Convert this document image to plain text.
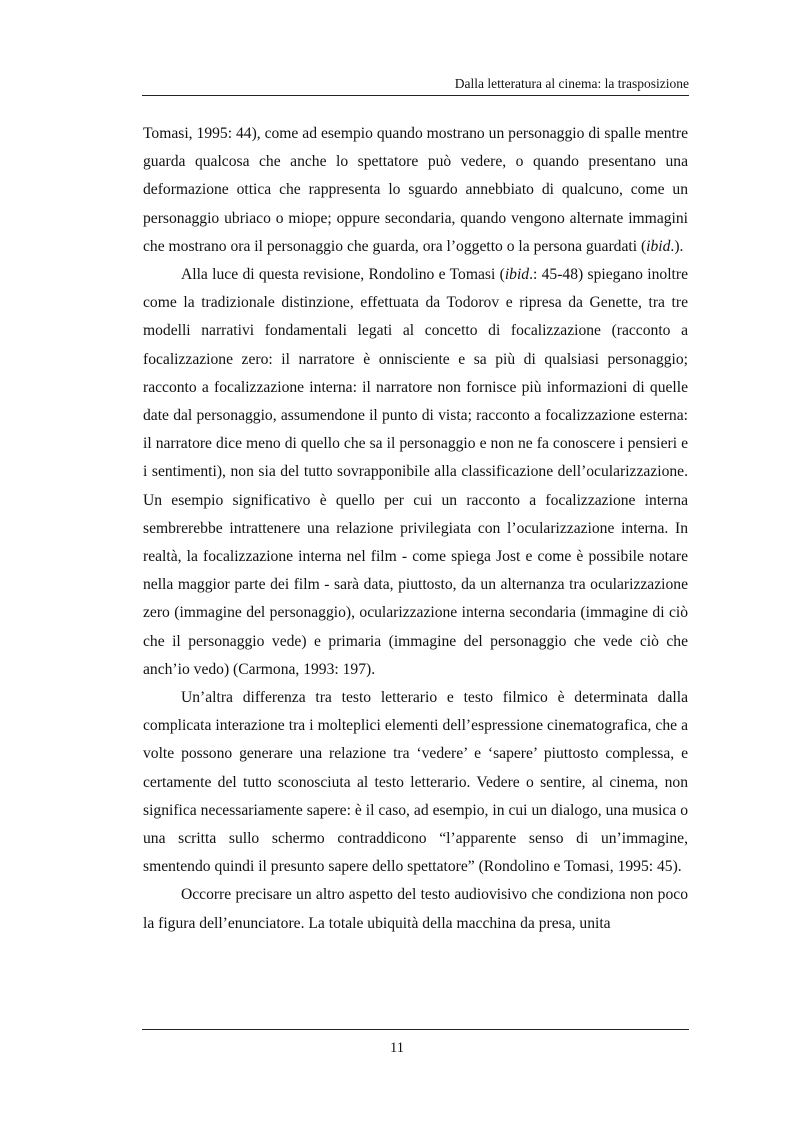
Dalla letteratura al cinema: la trasposizione

Tomasi, 1995: 44), come ad esempio quando mostrano un personaggio di spalle mentre guarda qualcosa che anche lo spettatore può vedere, o quando presentano una deformazione ottica che rappresenta lo sguardo annebbiato di qualcuno, come un personaggio ubriaco o miope; oppure secondaria, quando vengono alternate immagini che mostrano ora il personaggio che guarda, ora l’oggetto o la persona guardati (ibid.).

Alla luce di questa revisione, Rondolino e Tomasi (ibid.: 45-48) spiegano inoltre come la tradizionale distinzione, effettuata da Todorov e ripresa da Genette, tra tre modelli narrativi fondamentali legati al concetto di focalizzazione (racconto a focalizzazione zero: il narratore è onnisciente e sa più di qualsiasi personaggio; racconto a focalizzazione interna: il narratore non fornisce più informazioni di quelle date dal personaggio, assumendone il punto di vista; racconto a focalizzazione esterna: il narratore dice meno di quello che sa il personaggio e non ne fa conoscere i pensieri e i sentimenti), non sia del tutto sovrapponibile alla classificazione dell’ocularizzazione. Un esempio significativo è quello per cui un racconto a focalizzazione interna sembrerebbe intrattenere una relazione privilegiata con l’ocularizzazione interna. In realtà, la focalizzazione interna nel film - come spiega Jost e come è possibile notare nella maggior parte dei film - sarà data, piuttosto, da un alternanza tra ocularizzazione zero (immagine del personaggio), ocularizzazione interna secondaria (immagine di ciò che il personaggio vede) e primaria (immagine del personaggio che vede ciò che anch’io vedo) (Carmona, 1993: 197).

Un’altra differenza tra testo letterario e testo filmico è determinata dalla complicata interazione tra i molteplici elementi dell’espressione cinematografica, che a volte possono generare una relazione tra ‘vedere’ e ‘sapere’ piuttosto complessa, e certamente del tutto sconosciuta al testo letterario. Vedere o sentire, al cinema, non significa necessariamente sapere: è il caso, ad esempio, in cui un dialogo, una musica o una scritta sullo schermo contraddicono “l’apparente senso di un’immagine, smentendo quindi il presunto sapere dello spettatore” (Rondolino e Tomasi, 1995: 45).

Occorre precisare un altro aspetto del testo audiovisivo che condiziona non poco la figura dell’enunciatore. La totale ubiquità della macchina da presa, unita

11
